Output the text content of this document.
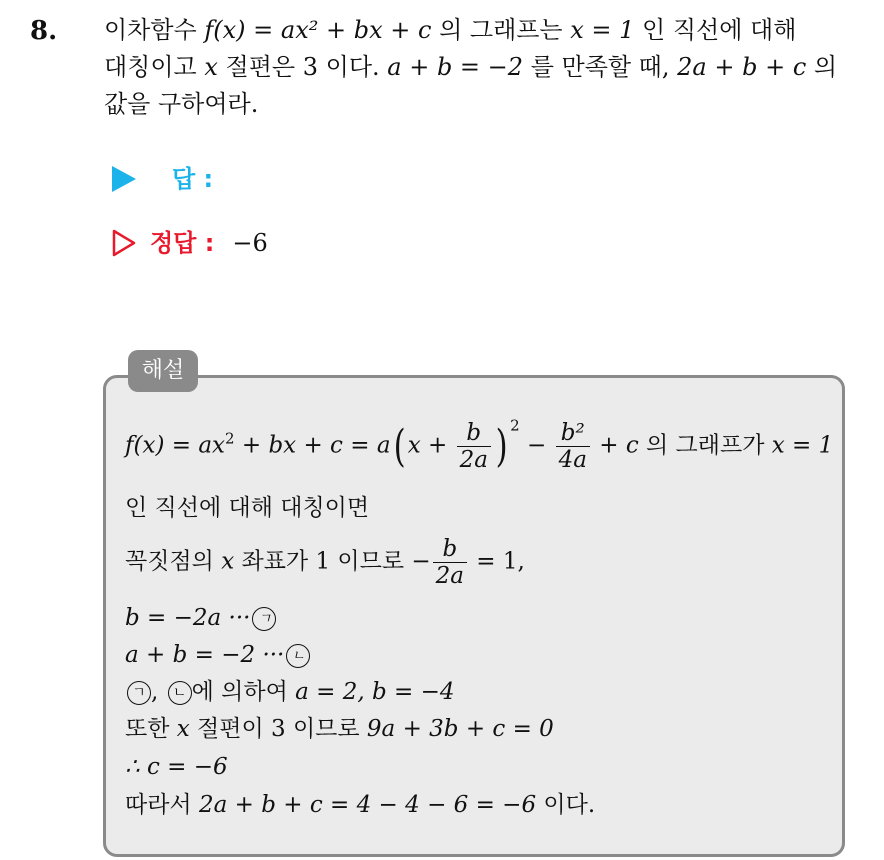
8. 이차함수 f(x) = ax² + bx + c 의 그래프는 x = 1 인 직선에 대해
대칭이고 x 절편은 3 이다. a + b = −2 를 만족할 때, 2a + b + c 의
값을 구하여라.
답 :
정답 : −6
해설
$f(x) = ax^2$ + bx + c = a( $x + \frac{b}{2a}$ ) $^2 - \frac{\text{b²}}{4a} + c$ 의 그래프가 x = 1
인 직선에 대해 대칭이면
꼭짓점의 x 좌표가 1 이므로 − $\frac{b}{2a} = 1$,
b = −2a ··· ㄱ
a + b = −2 ··· ㄴ
ㄱ , ㄴ 에 의하여 a = 2, b = −4
또한 x 절편이 3 이므로 9a + 3b + c = 0
∴ c = −6
따라서 2a + b + c = 4 − 4 − 6 = −6 이다.
